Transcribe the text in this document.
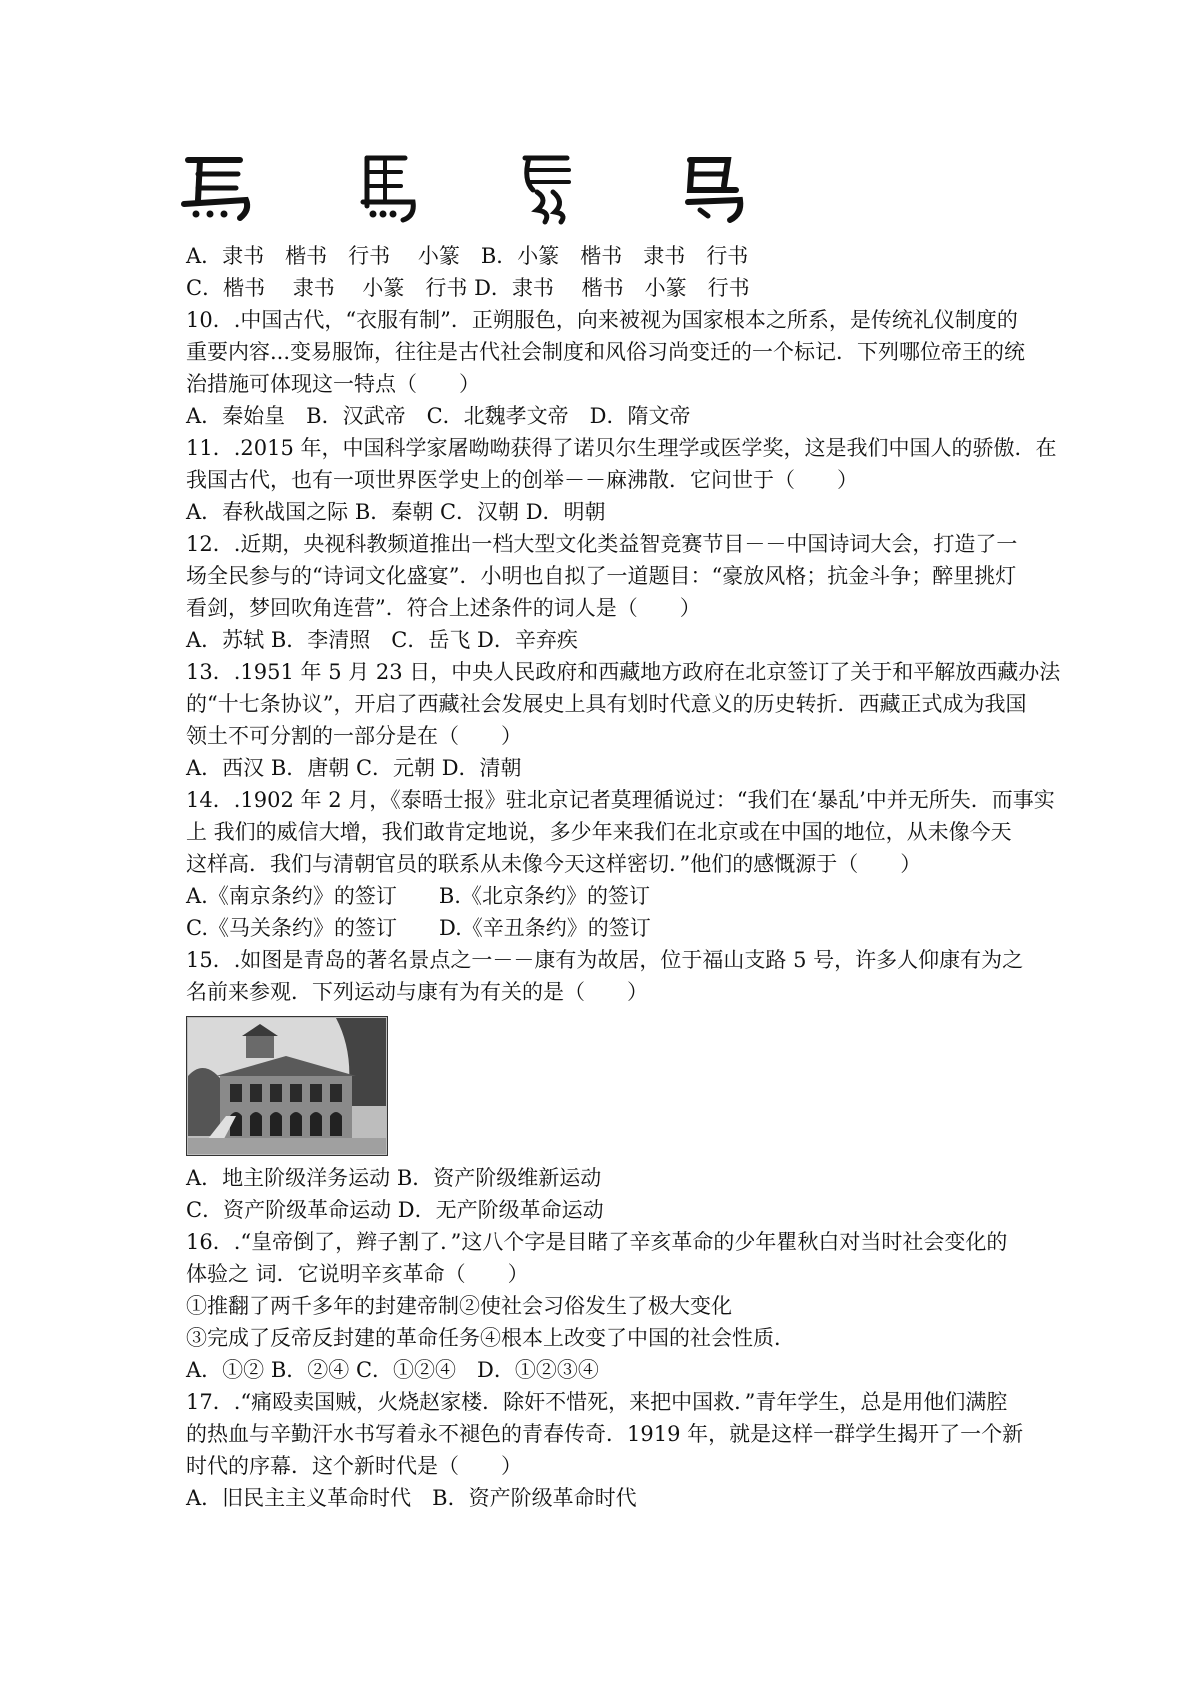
A．隶书　楷书　行书　 小篆　B．小篆　楷书　隶书　行书
C．楷书　 隶书　 小篆　行书 D．隶书　 楷书　小篆　行书
10．.中国古代，“衣服有制”．正朔服色，向来被视为国家根本之所系，是传统礼仪制度的
重要内容...变易服饰，往往是古代社会制度和风俗习尚变迁的一个标记．下列哪位帝王的统
治措施可体现这一特点（　　）
A．秦始皇　B．汉武帝　C．北魏孝文帝　D．隋文帝
11．.2015 年，中国科学家屠呦呦获得了诺贝尔生理学或医学奖，这是我们中国人的骄傲．在
我国古代，也有一项世界医学史上的创举－－麻沸散．它问世于（　　）
A．春秋战国之际 B．秦朝 C．汉朝 D．明朝
12．.近期，央视科教频道推出一档大型文化类益智竞赛节目－－中国诗词大会，打造了一
场全民参与的“诗词文化盛宴”．小明也自拟了一道题目：“豪放风格；抗金斗争；醉里挑灯
看剑，梦回吹角连营”．符合上述条件的词人是（　　）
A．苏轼 B．李清照　C．岳飞 D．辛弃疾
13．.1951 年 5 月 23 日，中央人民政府和西藏地方政府在北京签订了关于和平解放西藏办法
的“十七条协议”，开启了西藏社会发展史上具有划时代意义的历史转折．西藏正式成为我国
领土不可分割的一部分是在（　　）
A．西汉 B．唐朝 C．元朝 D．清朝
14．.1902 年 2 月，《泰晤士报》驻北京记者莫理循说过：“我们在‘暴乱’中并无所失．而事实
上 我们的威信大增，我们敢肯定地说，多少年来我们在北京或在中国的地位，从未像今天
这样高．我们与清朝官员的联系从未像今天这样密切．”他们的感慨源于（　　）
A.《南京条约》的签订　　B.《北京条约》的签订
C.《马关条约》的签订　　D.《辛丑条约》的签订
15．.如图是青岛的著名景点之一－－康有为故居，位于福山支路 5 号，许多人仰康有为之
名前来参观．下列运动与康有为有关的是（　　）
A．地主阶级洋务运动 B．资产阶级维新运动
C．资产阶级革命运动 D．无产阶级革命运动
16．.“皇帝倒了，辫子割了．”这八个字是目睹了辛亥革命的少年瞿秋白对当时社会变化的
体验之 词．它说明辛亥革命（　　）
①推翻了两千多年的封建帝制②使社会习俗发生了极大变化
③完成了反帝反封建的革命任务④根本上改变了中国的社会性质．
A．①② B．②④ C．①②④　D．①②③④
17．.“痛殴卖国贼，火烧赵家楼．除奸不惜死，来把中国救．”青年学生，总是用他们满腔
的热血与辛勤汗水书写着永不褪色的青春传奇．1919 年，就是这样一群学生揭开了一个新
时代的序幕．这个新时代是（　　）
A．旧民主主义革命时代　B．资产阶级革命时代
